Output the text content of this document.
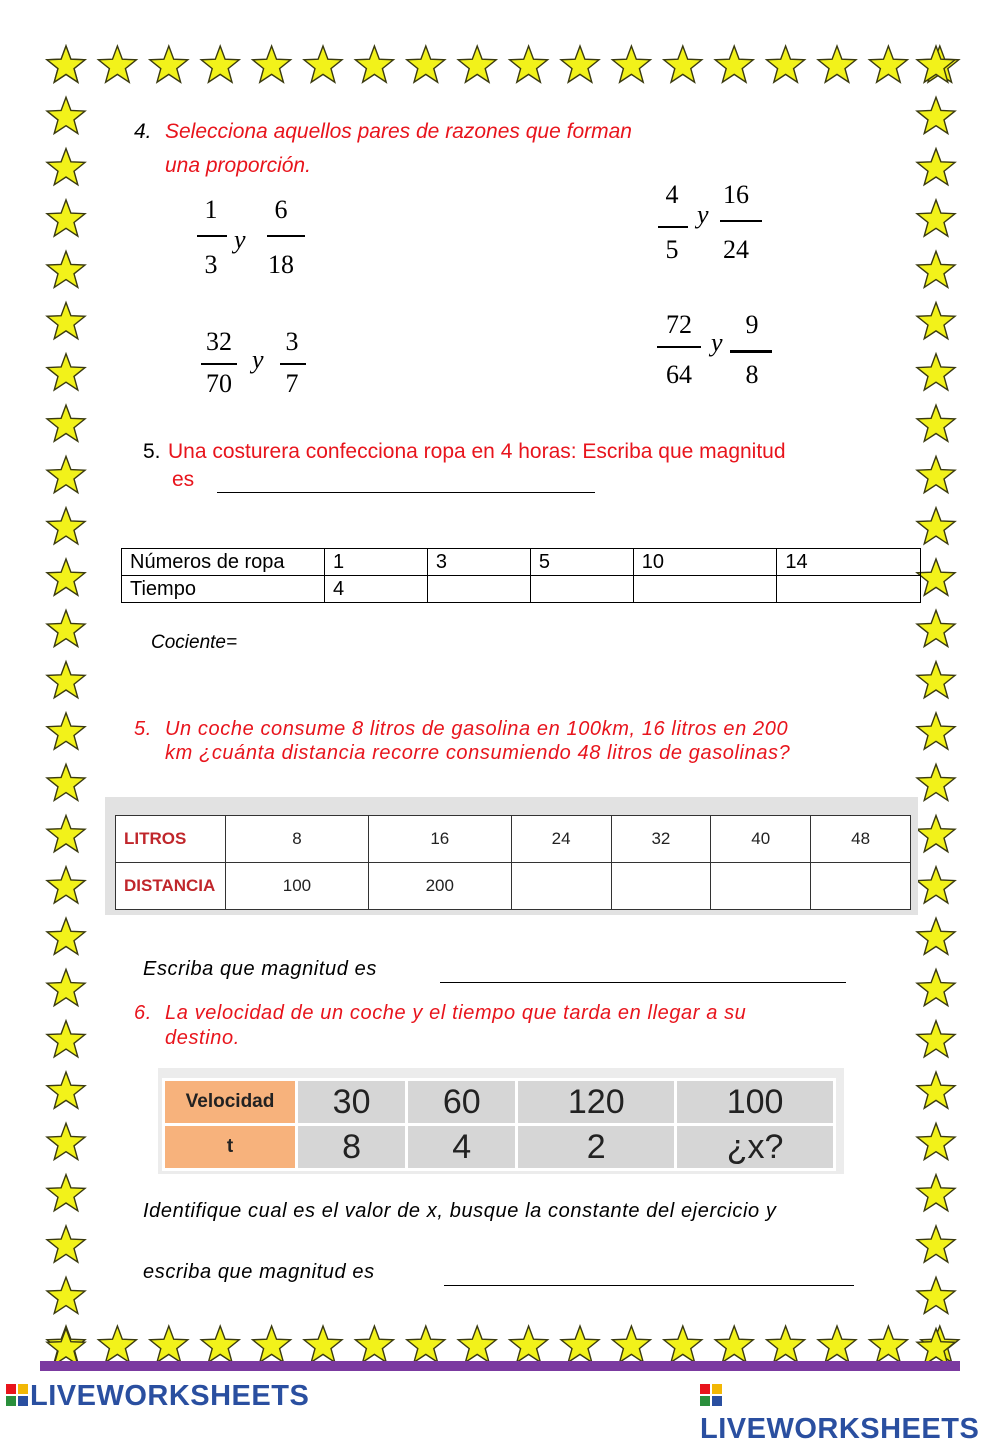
4. Selecciona aquellos pares de razones que forman
una proporción.
1
3
y
6
18
4
5
y
16
24
32
70
y
3
7
72
64
y
9
8
5. Una costurera confecciona ropa en 4 horas: Escriba que magnitud
es
Números de ropa	1	3	5	10	14
Tiempo	4				
Cociente=
5. Un coche consume 8 litros de gasolina en 100km, 16 litros en 200
km ¿cuánta distancia recorre consumiendo 48 litros de gasolinas?
LITROS	8	16	24	32	40	48
DISTANCIA	100	200				
Escriba que magnitud es
6. La velocidad de un coche y el tiempo que tarda en llegar a su
destino.
Velocidad	30	60	120	100
t	8	4	2	¿x?
Identifique cual es el valor de x, busque la constante del ejercicio y
escriba que magnitud es
LIVEWORKSHEETS
LIVEWORKSHEETS
